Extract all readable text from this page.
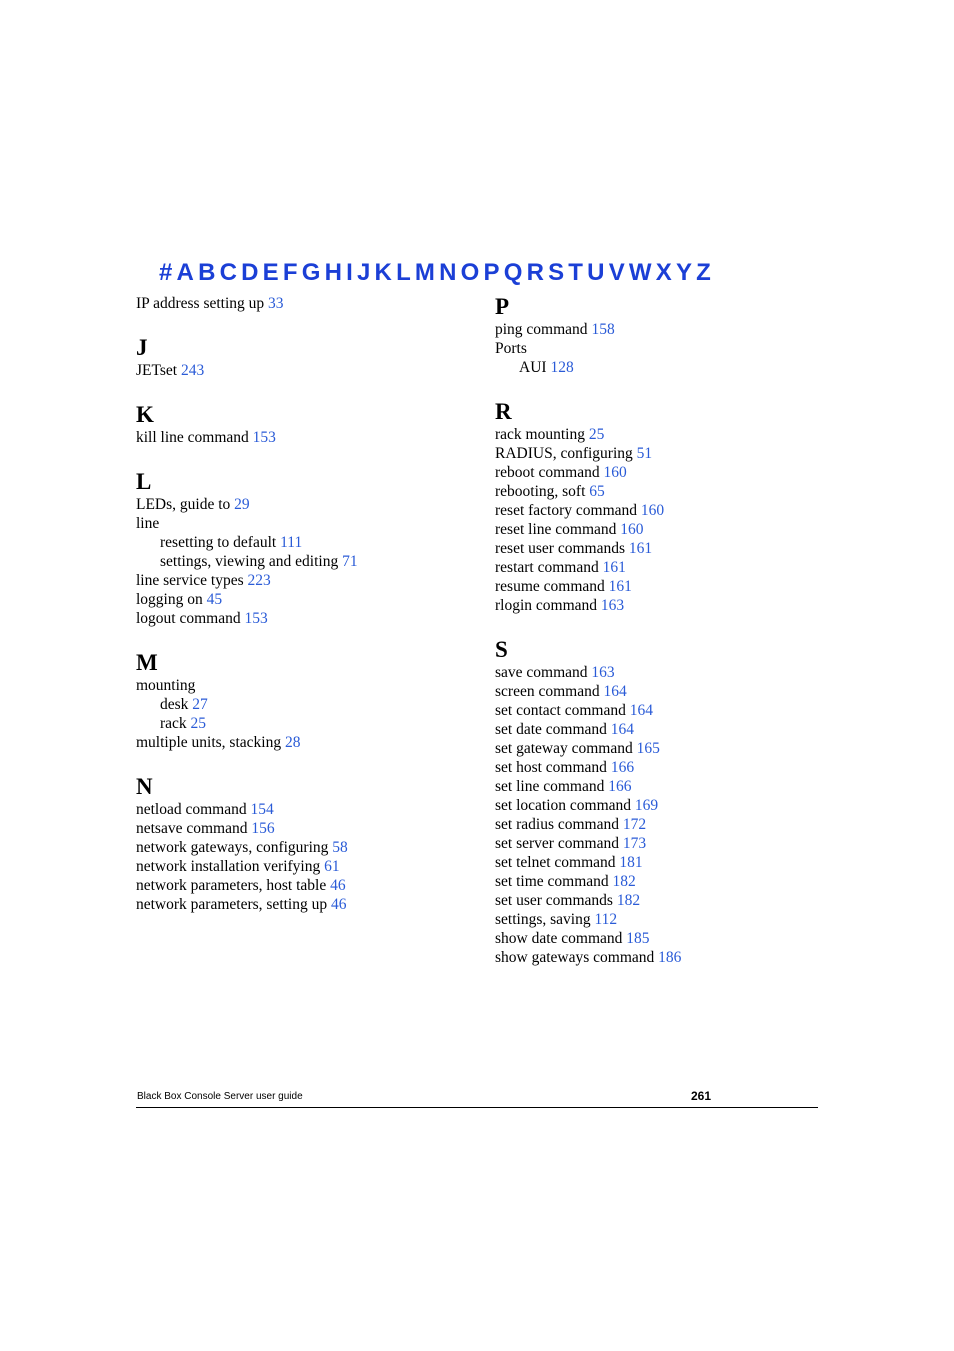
# A B C D E F G H I J K L M N O P Q R S T U V W X Y Z
IP address setting up 33
J
JETset 243
K
kill line command 153
L
LEDs, guide to 29
line
resetting to default 111
settings, viewing and editing 71
line service types 223
logging on 45
logout command 153
M
mounting
desk 27
rack 25
multiple units, stacking 28
N
netload command 154
netsave command 156
network gateways, configuring 58
network installation verifying 61
network parameters, host table 46
network parameters, setting up 46
P
ping command 158
Ports
AUI 128
R
rack mounting 25
RADIUS, configuring 51
reboot command 160
rebooting, soft 65
reset factory command 160
reset line command 160
reset user commands 161
restart command 161
resume command 161
rlogin command 163
S
save command 163
screen command 164
set contact command 164
set date command 164
set gateway command 165
set host command 166
set line command 166
set location command 169
set radius command 172
set server command 173
set telnet command 181
set time command 182
set user commands 182
settings, saving 112
show date command 185
show gateways command 186
Black Box Console Server user guide	261
